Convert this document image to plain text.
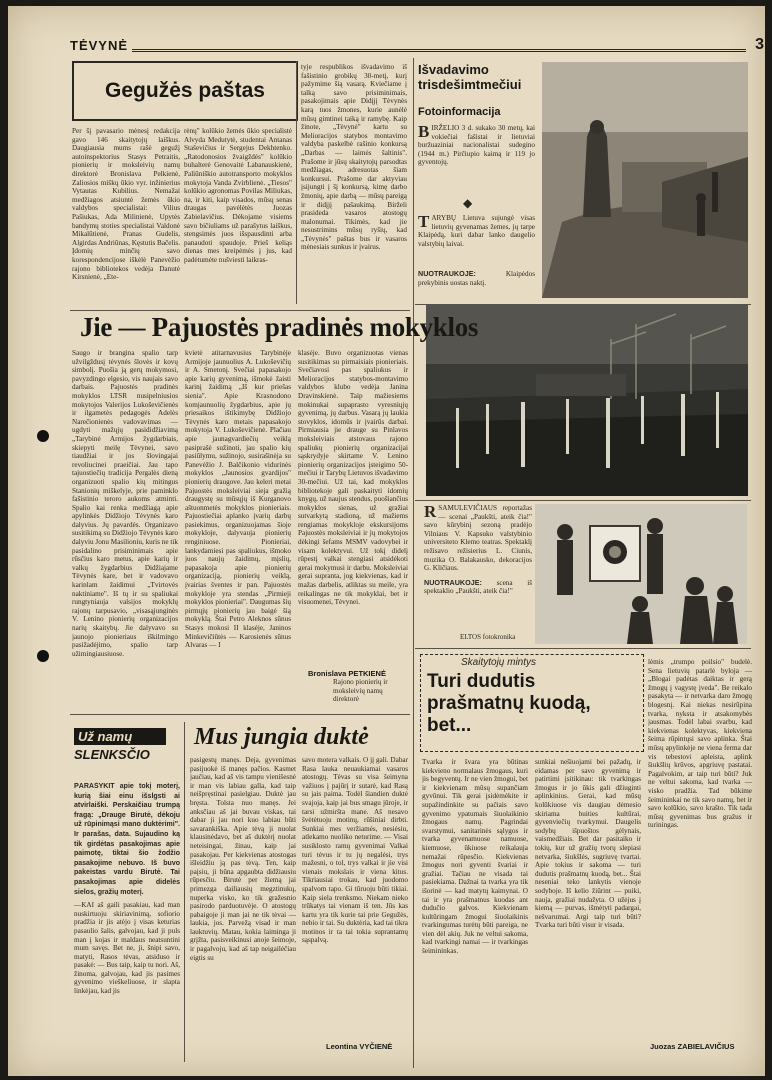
TĖVYNĖ	3
Gegužės paštas
Per šį pavasario mėnesį redakcija gavo 146 skaitytojų laiškus. Daugiausia mums rašė gegužį autoinspektorius Stasys Petraitis, pionierių ir moksleivių namų direktorė Bronislava Pelkienė, Zaliosios miškų ūkio vyr. inžinierius Vytautas Kubilius. Nemažai medžiagos atsiuntė žemės ūkio valdybos specialistai: Vilius Pašiukas, Ada Milinienė, Upytės bandymų stoties specialistai Valdonė Mikalūtienė, Pranas Gudelis, Algirdas Andriūnas, Kęstutis Bačelis. Įdomių minčių savo korespondencijose iškėlė Panevėžio rajono bibliotekos vedėja Danutė Kirsnienė, „Ete-
rėnų" kolūkio žemės ūkio specialistė Alvyda Medutytė, studentai Antanas Staševičius ir Sergejus Dekhtenko. „Ratodonosios žvaigždės" kolūkio buhalterė Genovaitė Labanauskienė, Paliūniškio autotransporto mokyklos mokytoja Vanda Zvirblienė. „Tiesos" kolūkio agronomas Povilas Miliukas, na, ir kiti, kaip visados, mūsų senas draugas pavėlėtės Juozas Zabielavičius. Dėkojame visiems savo bičiuliams už parašytus laiškus, stengsimės juos išspausdinti arba panaudoti spaudoje. Prieš keliąs dienas mes kreipėmės į jus, kad padėtumėte nušviesti laikras-
tyje respublikos išvadavimo iš fašistinio grobikų 30-metį, kurį pažymime šią vasarą. Kviečiame į talką savo prisiminimais, pasakojimais apie Didįjį Tėvynės karą tuos žmones, kurie aunėlė mūsų gimtinei taiką ir ramybę. Kaip žinote, „Tėvynė" kartu su Melioracijos statybos montavimo valdyba paskelbė rašinio konkursą „Darbas — laimės šaltinis". Prašome ir jūsų skaitytojų parsodtas medžiagas, adresuotas šiam konkursui. Prašome dar aktyviau įsijungti į šį konkursą, kimę darbo žmonių, apie darbą — mūsų pareigą ir didįjį pašaukimą. Birželi prasideda vasaros atostogų malonumai. Tikimės, kad jie nesustrimins mūsų ryšių, kad „Tėvynės" paštas bus ir vasaros mėnesiais sunkus ir įvairus.
Išvadavimo
trisdešimtmečiui
Fotoinformacija
BIRŽELIO 3 d. sukako 30 metų, kai vokiečiai fašistai ir lietuviai buržuaziniai nacionalistai sudegino (1944 m.) Pirčiupio kaimą ir 119 jo gyventojų.
◆
TARYBŲ Lietuva sujungė visas lietuvių gyvenamas žemes, jų tarpe Klaipėdą, kuri dabar lanko daugelio valstybių laivai.
NUOTRAUKOJE:	Klaipėdos prekybinis uostas naktį.
RSAMULEVIČIAUS reportažas — scenai „Paukšti, ateik čia!" savo kūrybinį sezoną pradėjo Vilniaus V. Kapsuko valstybinio universiteto Klemo teatras. Spektaklį režisavo režisierius L. Ciunis, muzika O. Balakausko, dekoracijos G. Kličiaus.
NUOTRAUKOJE: scena iš spektaklio „Paukšti, ateik čia!"
ELTOS fotokronika
Jie — Pajuostės pradinės mokyklos
Saugo ir brangina spalio tarp užvilgždusį tėvynės šlovės ir kovų simbolį. Puošia ją gerų mokymosi, pavyzdingo elgesio, vis naujais savo darbais. Pajuostės pradinės mokyklos LTSR nusipelniusios mokytojos Valerijos Lukoševičienės ir ilgametės pedagogės Adelės Narečionienės vadovavimas — ugdyti mažųjų pasididžiavimą „Tarybinė Armijos žygdarbiais, skiepyti meilę Tėvynei, savo tiaudžiai ir jos šlovingajai revoliucinei praeičiai. Jau tapo tajuostiečių tradicija Pergalės dieną organizuoti spalio kių mitingus Stanionių miškelyje, prie paminklo fašistinio teroro aukoms atminti. Spalio kai renka medžiagą apie apylinkės Didžiojo Tėvynės karo dalyvius. Jų pavardės. Organizavo susitikimą su Didžiojo Tėvynės karo dalyviu Jonu Masilioniu, kuris ne tik pasidalino prisiminimais apie rūsčius karo metus, apie karių ir valkų žygdarbius Didžiajame Tėvynės kare, bet ir vadovavo karinlam žaidimui „Tvirtovės naktiniame". Iš tų ir su spaliukai rungtyniauja valsijos mokyklų rajonų tarpusavio, „visasąjunginės V. Lenino pionierių organizacijos narių skaitybų. Jie dalyvavo su jaunojo pionieriaus iškilmingo pasižadėjimo, spalio tarp užimingiausiuose.
kvietė atitarnavusius Tarybinėje Armijoje jaunuolius A. Lukoševičių ir A. Smetonį. Svečiai papasakojo apie karių gyvenimą, išmokė žaisti karinį žaidimą „Iš kur priešas sienia". Apie Krasnodono komjaunuolių žygdarbius, apie jų priesaikos ištikimybę Didžiojo Tėvynės karo metais papasakojo mokytoja V. Lukoševičienė. Plačiau apie jaunagvardiečių veiklą pasiprašė sužinoti, jau spalio kių pasiūlymu, sužinojo, susirašinėja su Panevėžio J. Balčikonio vidurinės mokyklos „Jaunosios gvardijos" pionierių draugove. Jau keleri metai Pajuostės moksleiviai sieja gražią draugystę su mūsųjų iš Kurganovo aštuonmetės mokyklos pionieriais. Pajuostiečiai aplanko įvarių darbų pasiekimus, organizuojamas šioje mokykloje, dalyvauja pionierių renginiuose. Pionieriai, lankydamiesi pas spaliukus, išmoko juos naujų žaidimų, mįslių, papasakoja apie pionierių organizaciją, pionierių veiklą, įvairias šventes ir pan. Pajuostės mokykloje yra stendas „Pirmieji mokyklos pionieriai". Daugumas šių pirmųjų pionierių jau baigė šią mokyklą. Štai Petro Aleknos sūnus Stasys mokosi II klasėje, Janinos Minkevičiūtės — Karosienės sūnus Alvaras — I
klasėje. Buvo organizuotas vienas susitikimas su pirmaisiais pionieriais. Svečiavosi pas spaliukus ir Melioracijos statybos-montavimo valdybos klubo vedėja Janina Dravinskienė. Taip mažiesiems mokinukai supaprasto vyresniųjų gyvenimą, jų darbus. Vasarą jų laukia stovyklos, idomūs ir įvairūs darbai. Pirmiausia jie drauge su Pinlavos moksleiviais atstovaus rajono spaliukų pionierių organizacijai sąskrydyje skirtame V. Lenino pionierių organizacijos įsteigimo 50-mečiui ir Tarybų Lietuvos išvadavimo 30-mečiui. Už tai, kad mokyklos bibliotekoje gali paskaityti idomių knygų, už naujus stendus, puošiančius mokyklos sienas, už gražiai sutvarkytą stadioną, už mažiems rengiamas mokykloje ekskursijoms Pajuostės moksleiviai ir jų mokytojos dėkingi šefams MSMV vadovybei ir visam kolektyvui. Už tokį didelį rūpestį valkai stengiasi atsidėkoti gerai mokymusi ir darbu. Moksleiviai gerai supranta, jog kiekvienas, kad ir mažas darbelis, atliktas su meile, yra reikalingas ne tik mokyklai, bet ir visuomenei, Tėvynei.
Bronislava PETKIENĖ
Rajono pionierių ir moksleivių namų direktorė
Už namų
SLENKSČIO
PARAŠYKIT apie tokį moterį, kurią šiai einu išslgsti ai atvirlaiški. Perskaičiau trumpą fragą: „Drauge Birutė, dėkoju už rūpinimąsi mano duktėrimi". Ir parašas, data. Sujaudino ką tik girdėtas pasakojimas apie paimotę, tiktai šio žodžio pasakojime nebuvo. Iš buvo pakeistas vardu Birutė. Tai pasakojimas apie didelės sielos, gražių moterį.
—KAI aš gaili pasakiau, kad man nuskirtuoju skiriavinimą, sofiorio pradžia ir jis atėjo į visas keturias pasaulio šalis, galvojau, kad ji puls man į kojas ir maldaus neatsuntini mum savęs. Bet ne, ji, šnipi savo, matyti, Rasos tėvas, atsiduso ir pasakė: — Bus taip, kaip tu nori. Aš, žinoma, galvojau, kad jis pasimes gyvenimo vieškeliuose, ir slapta linkėjau, kad jis
Mus jungia duktė
pasigestų manęs. Deja, gyvenimas pasijuokė iš manęs pačios. Kasmet jaučiau, kad aš vis tampu vienišesnė ir man vis labiau galla, kad taip neišpręstinai pasielgiau. Duktė jau bręsta. Tolsta nuo manęs. Jei anksčiau aš jai buvau viskas, tai dabar ji jau nori kuo labiau būti savarankiška. Apie tėvą ji nuolat klausinėdavo, bet aš duktėrį nuolat neteisingai, žinau, kaip jai pasakojau. Per kiekvienas atostogas išleidžiu ją pas tėvą. Ten, kaip paįsiu, ji būna apgaubta didžiausiu rūpesčiu. Birutė per žiemą jai primezga dailiausių megztinukų, nuperka visko, ko tik gražesnio pasirodo parduotuvėje. O atostogų pabaigoje ji man jai ne tik tėvai — laukia, jos. Parvežą visad ir man lauktuvių. Matau, kokia laiminga ji grįžta, pasisveikinusi anoje šeimoje, ir pagalvoju, kad aš tap neigailėčiau eigtis su
savo motera valkais. O jį gali. Dabar Rasa lauka neuaukiamai vasaros atostogų. Tėvas su visa šeimyna važiuos į pajūrį ir sutarė, kad Rasą su jais paima. Todėl šiandien duktė svajoja, kaip jai bus smagu jūroje, ir tarsi užmiršta mane. Aš nesavo švėtėtuoju motinų, rūšiniai dirbti. Sunkiai mes veržiamės, nesiėsiu, atlekamo nuoliko neturime. — Visai susiklosto ramų gyvenimai Valkai turi tėvus ir tu jų negalėsi, trys mažesni, o tol, trys valkai ir jie visi vienais mokslais ir viena kitus. Tikriausiai trokau, kad juodomo spalvom tapo. Gi tūruoju būti tikiai. Kaip siela trenksmo. Niekam nieko trūkatys tai vienam iš ten. Jūs kas kartu yra tik kurie tai prie Gegužės, nebio ir tai. Su duktėria, kad tai tikra motinos ir ta tai tokia suprantamų sąspalvą.
Leontina VYČIENĖ
Skaitytojų mintys
Turi dudutis
prašmatnų kuodą,
bet...
Tvarka ir švara yra būtinas kiekvieno normalaus žmogaus, kuri jis begyventų. Ir ne vien žmogui, bet ir kiekvienam mūsų supančiam gyvūnui. Tik gerai įsidėmėkite ir supažindinkite su pačiais savo gyvenimo ypatumais šiuolaikinio žmogaus namų. Pagrindai svarstymui, sanitarinės sąlygos ir tvarka gyvenamuose namuose, kiemuose, ūkiuose reikalauja nemažai rūpesčio. Kiekvienas žmogus nori gyventi švariai ir gražiai. Tačiau ne visada tai pasiekiama. Dažnai ta tvarka yra tik išorinė — kad matytų kaimynai. O tai ir yra prašmatnus kuodas ant dudučio galvos. Kiekvienam kultūringam žmogui šiuolaikinis tvarkingumas turėtų būti pareiga, ne vien dėl akių. Juk ne veltui sakoma, kad tvarkingi namai — ir tvarkingas šeimininkas.
sunkiai nešiuojami bei pažadų, ir eidamas per savo gyvenimą ir patirtimi įsitikinau: tik tvarkingas žmogus ir jo ūkis gali džiuginti aplinkinius. Gerai, kad mūsų kolūkiuose vis daugiau dėmesio skiriama buities kultūrai, gyvenviečių tvarkymui. Daugelis sodybų išpuoštos gėlynais, vaismedžiais. Bet dar pasitaiko ir tokių, kur už gražių tvorų slepiasi netvarka, šiukšlės, sugriuvę tvartai. Apie tokius ir sakoma — turi dudutis prašmatnų kuodą, bet... Štai neseniai teko lankytis vienoje sodyboje. Iš kelio žiūrint — puiki, nauja, gražiai nudažyta. O užėjus į kiemą — purvas, išmėtyti padargai, nešvarumai. Argi taip turi būti? Tvarka turi būti visur ir visada.
lėmis „trumpo poilsio" budelė. Sena lietuvių patarlė byloja — „Blogai padėtas daiktas ir gerą žmogų į vagystę įveda". Be reikalo pasakyta — ir netvarka daro žmogų blogesnį. Kai niekas nesirūpina tvarka, nyksta ir atsakomybės jausmas. Todėl labai svarbu, kad kiekvienas kolektyvas, kiekviena šeima rūpintųsi savo aplinka. Štai mūsų apylinkėje ne viena ferma dar vis tebestovi apleista, aplink šiukšlių krūvos, apgriuvę pastatai. Pagalvokim, ar taip turi būti? Juk ne veltui sakoma, kad tvarka — visko pradžia. Tad būkime šeimininkai ne tik savo namų, bet ir savo kolūkio, savo krašto. Tik tada mūsų gyvenimas bus gražus ir turiningas.
Juozas ZABIELAVIČIUS
